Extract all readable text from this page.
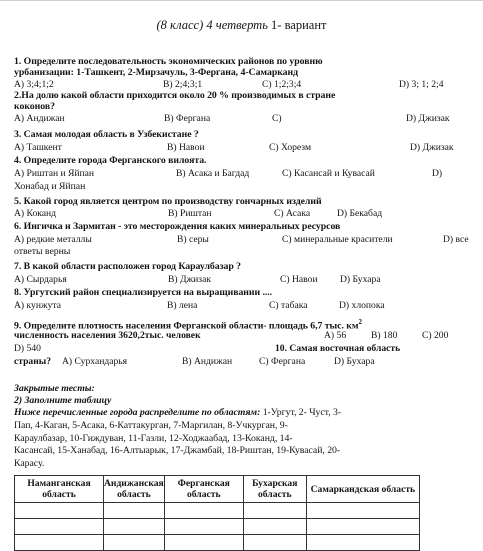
(8 класс) 4 четверть 1- вариант
1. Определите последовательность экономических районов по уровню
урбанизации: 1-Ташкент, 2-Мирзачуль, 3-Фергана, 4-Самарканд
А) 3;4;1;2	В) 2;4;3;1	С) 1;2;3;4	D) 3; 1; 2;4
2.На долю какой области приходится около 20 % производимых в стране
коконов?
А) Андижан	В) Фергана	С)	D) Джизак
3. Самая молодая область в Узбекистане ?
А) Ташкент	В) Навои	С) Хорезм	D) Джизак
4. Определите города Ферганского вилоята.
А) Риштан и Яйпан	В) Асака и Багдад	С) Касансай и Кувасай	D)
Хонабад и Яйпан
5. Какой город является центром по производству гончарных изделий
А) Коканд	В) Риштан	С) Асака	D) Бекабад
6. Ингичка и Зармитан - это месторождения каких минеральных ресурсов
А) редкие металлы	В) серы	С) минеральные красители	D) все
ответы верны
7. В какой области расположен город Караулбазар ?
А) Сырдарья	В) Джизак	С) Навои D) Бухара
8. Ургутский район специализируется на выращивании ....
А) кунжута	В) лена	С) табака	D) хлопока
9. Определите плотность населения Ферганской области- площадь 6,7 тыс. $км^2$
численность населения 3620,2тыс. человек	А) 56	В) 180	С) 200
D) 540	10. Самая восточная область
страны? А) Сурхандарья	В) Андижан	С) Фергана	D) Бухара
Закрытые тесты:
2) Заполните таблицу
Ниже перечисленные города распределите по областям: 1-Ургут, 2- Чуст, 3-
Пап, 4-Каган, 5-Асака, 6-Каттакурган, 7-Маргилан, 8-Учкурган, 9-
Караулбазар, 10-Гиждуван, 11-Газли, 12-Ходжаабад, 13-Коканд, 14-
Касансай, 15-Ханабад, 16-Алтыарык, 17-Джамбай, 18-Риштан, 19-Кувасай, 20-
Карасу.
Наманганская область	Андижанская область	Ферганская область	Бухарская область	Самаркандская область
